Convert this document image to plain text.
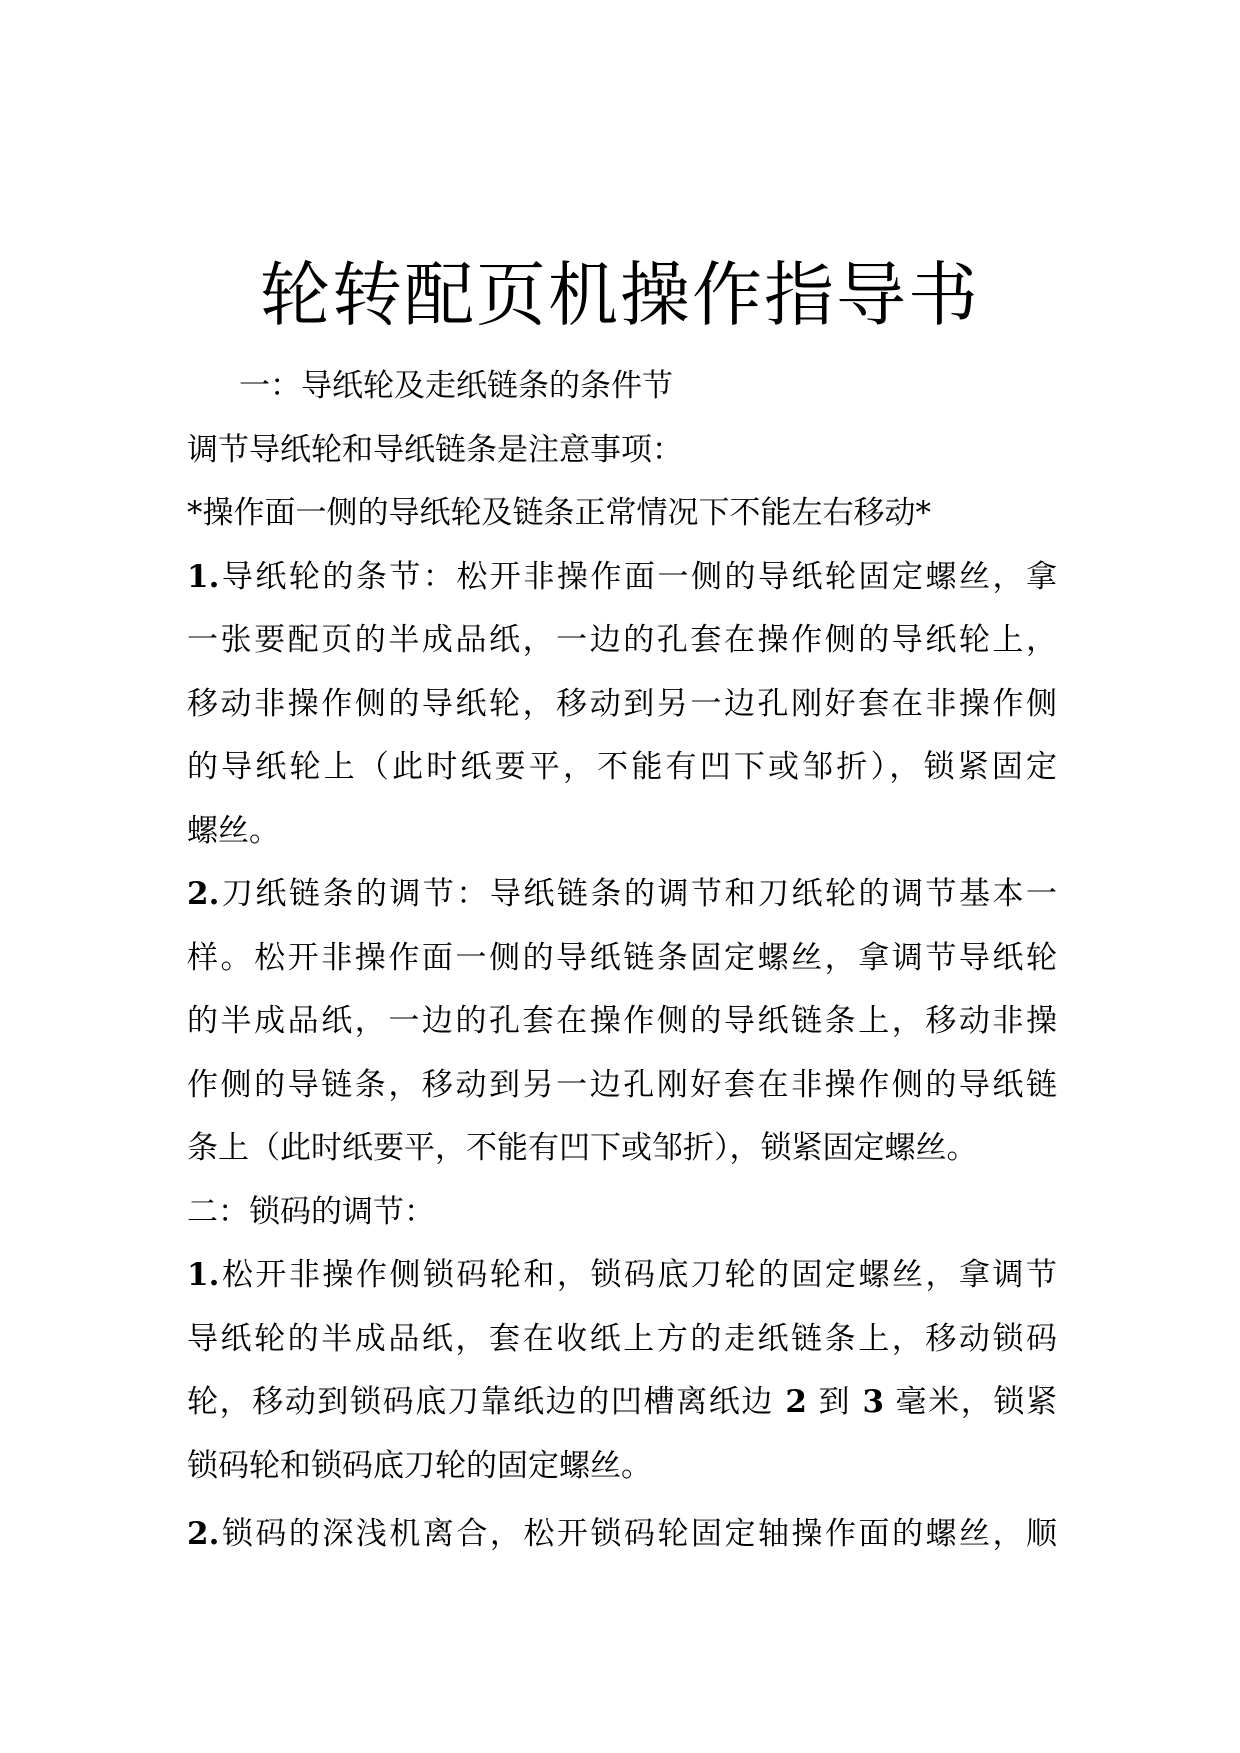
轮转配页机操作指导书
一：导纸轮及走纸链条的条件节
调节导纸轮和导纸链条是注意事项：
*操作面一侧的导纸轮及链条正常情况下不能左右移动*
1.导纸轮的条节：松开非操作面一侧的导纸轮固定螺丝，拿
一张要配页的半成品纸，一边的孔套在操作侧的导纸轮上，
移动非操作侧的导纸轮，移动到另一边孔刚好套在非操作侧
的导纸轮上（此时纸要平，不能有凹下或邹折），锁紧固定
螺丝。
2.刀纸链条的调节：导纸链条的调节和刀纸轮的调节基本一
样。松开非操作面一侧的导纸链条固定螺丝，拿调节导纸轮
的半成品纸，一边的孔套在操作侧的导纸链条上，移动非操
作侧的导链条，移动到另一边孔刚好套在非操作侧的导纸链
条上（此时纸要平，不能有凹下或邹折），锁紧固定螺丝。
二：锁码的调节：
1.松开非操作侧锁码轮和，锁码底刀轮的固定螺丝，拿调节
导纸轮的半成品纸，套在收纸上方的走纸链条上，移动锁码
轮，移动到锁码底刀靠纸边的凹槽离纸边 2 到 3 毫米，锁紧
锁码轮和锁码底刀轮的固定螺丝。
2.锁码的深浅机离合，松开锁码轮固定轴操作面的螺丝，顺
